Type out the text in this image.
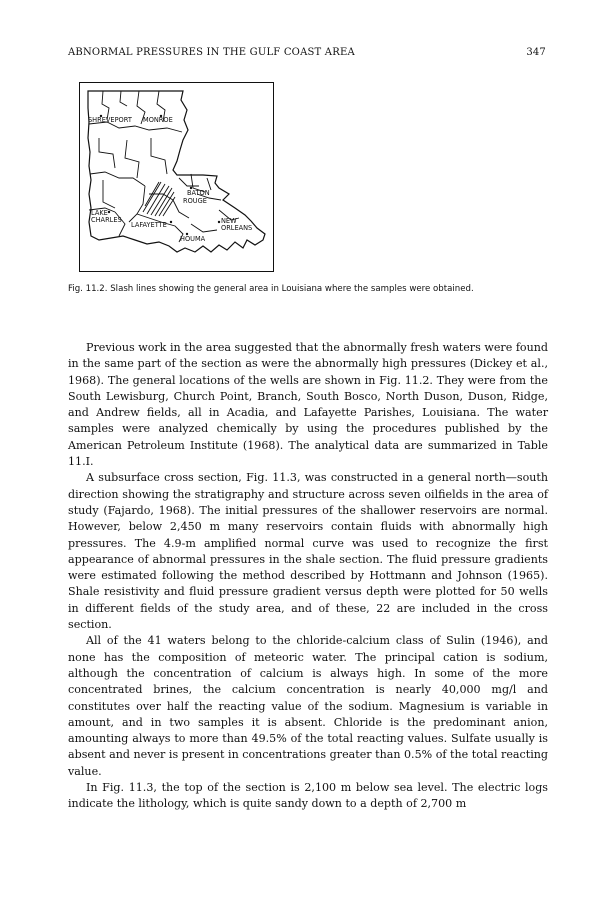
ABNORMAL PRESSURES IN THE GULF COAST AREA	347
SHREVEPORT MONROE
BATON
ROUGE
LAKE
CHARLES
LAFAYETTE	NEW
ORLEANS
HOUMA

Fig. 11.2. Slash lines showing the general area in Louisiana where the samples were obtained.

Previous work in the area suggested that the abnormally fresh waters were found in the same part of the section as were the abnormally high pressures (Dickey et al., 1968). The general locations of the wells are shown in Fig. 11.2. They were from the South Lewisburg, Church Point, Branch, South Bosco, North Duson, Duson, Ridge, and Andrew fields, all in Acadia, and Lafayette Parishes, Louisiana. The water samples were analyzed chemically by using the procedures published by the American Petroleum Institute (1968). The analytical data are summarized in Table 11.I.

A subsurface cross section, Fig. 11.3, was constructed in a general north—south direction showing the stratigraphy and structure across seven oilfields in the area of study (Fajardo, 1968). The initial pressures of the shallower reservoirs are normal. However, below 2,450 m many reservoirs contain fluids with abnormally high pressures. The 4.9-m amplified normal curve was used to recognize the first appearance of abnormal pressures in the shale section. The fluid pressure gradients were estimated following the method described by Hottmann and Johnson (1965). Shale resistivity and fluid pressure gradient versus depth were plotted for 50 wells in different fields of the study area, and of these, 22 are included in the cross section.

All of the 41 waters belong to the chloride-calcium class of Sulin (1946), and none has the composition of meteoric water. The principal cation is sodium, although the concentration of calcium is always high. In some of the more concentrated brines, the calcium concentration is nearly 40,000 mg/l and constitutes over half the reacting value of the sodium. Magnesium is variable in amount, and in two samples it is absent. Chloride is the predominant anion, amounting always to more than 49.5% of the total reacting values. Sulfate usually is absent and never is present in concentrations greater than 0.5% of the total reacting value.

In Fig. 11.3, the top of the section is 2,100 m below sea level. The electric logs indicate the lithology, which is quite sandy down to a depth of 2,700 m
